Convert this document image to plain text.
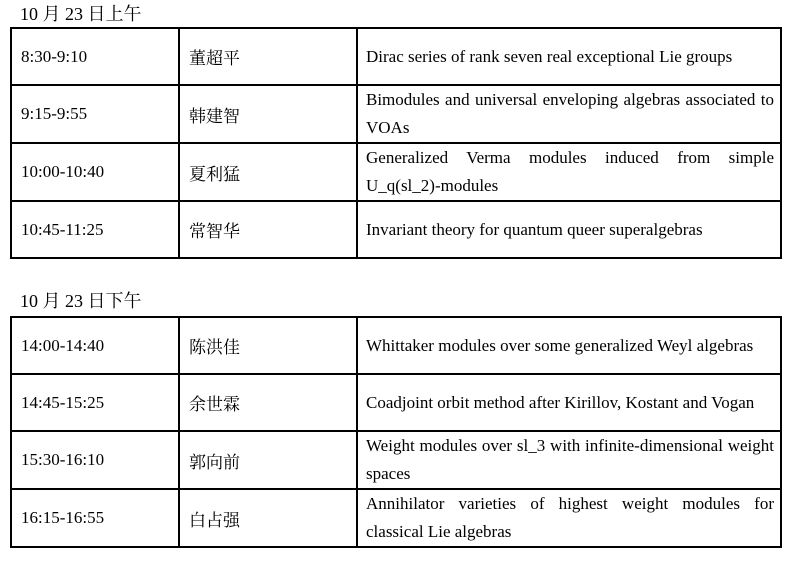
10 月 23 日上午
8:30-9:10	董超平	Dirac series of rank seven real exceptional Lie groups
9:15-9:55	韩建智	Bimodules and universal enveloping algebras associated to VOAs
10:00-10:40	夏利猛	Generalized Verma modules induced from simple U_q(sl_2)-modules
10:45-11:25	常智华	Invariant theory for quantum queer superalgebras
10 月 23 日下午
14:00-14:40	陈洪佳	Whittaker modules over some generalized Weyl algebras
14:45-15:25	余世霖	Coadjoint orbit method after Kirillov, Kostant and Vogan
15:30-16:10	郭向前	Weight modules over sl_3 with infinite-dimensional weight spaces
16:15-16:55	白占强	Annihilator varieties of highest weight modules for classical Lie algebras
